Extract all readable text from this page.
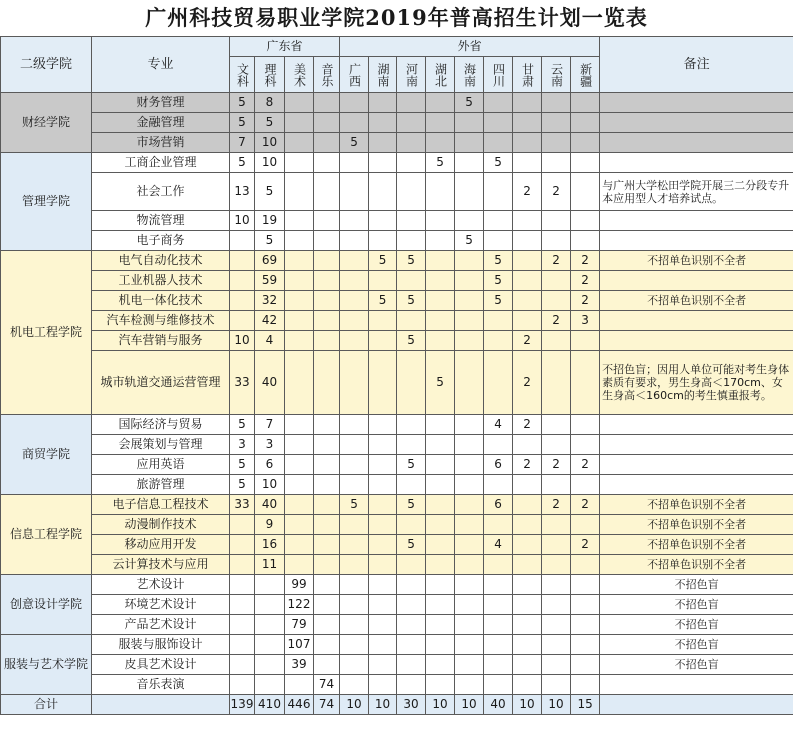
广州科技贸易职业学院2019年普高招生计划一览表
二级学院	专业	广东省				外省									备注
		文科	理科	美术	音乐	广西	湖南	河南	湖北	海南	四川	甘肃	云南	新疆	
财经学院	财务管理	5	8							5					
	金融管理	5	5												
	市场营销	7	10			5									
管理学院	工商企业管理	5	10						5		5				
	社会工作	13	5									2	2		与广州大学松田学院开展三二分段专升本应用型人才培养试点。
	物流管理	10	19												
	电子商务		5							5					
机电工程学院	电气自动化技术		69				5	5			5		2	2	不招单色识别不全者
	工业机器人技术		59								5			2	
	机电一体化技术		32				5	5			5			2	不招单色识别不全者
	汽车检测与维修技术		42										2	3	
	汽车营销与服务	10	4					5				2			
	城市轨道交通运营管理	33	40						5			2			不招色盲；因用人单位可能对考生身体素质有要求，男生身高＜170cm、女生身高＜160cm的考生慎重报考。
商贸学院	国际经济与贸易	5	7								4	2			
	会展策划与管理	3	3												
	应用英语	5	6					5			6	2	2	2	
	旅游管理	5	10												
信息工程学院	电子信息工程技术	33	40			5		5			6		2	2	不招单色识别不全者
	动漫制作技术		9												不招单色识别不全者
	移动应用开发		16					5			4			2	不招单色识别不全者
	云计算技术与应用		11												不招单色识别不全者
创意设计学院	艺术设计			99											不招色盲
	环境艺术设计			122											不招色盲
	产品艺术设计			79											不招色盲
服装与艺术学院	服装与服饰设计			107											不招色盲
	皮具艺术设计			39											不招色盲
	音乐表演				74										
合计		139	410	446	74	10	10	30	10	10	40	10	10	15	
